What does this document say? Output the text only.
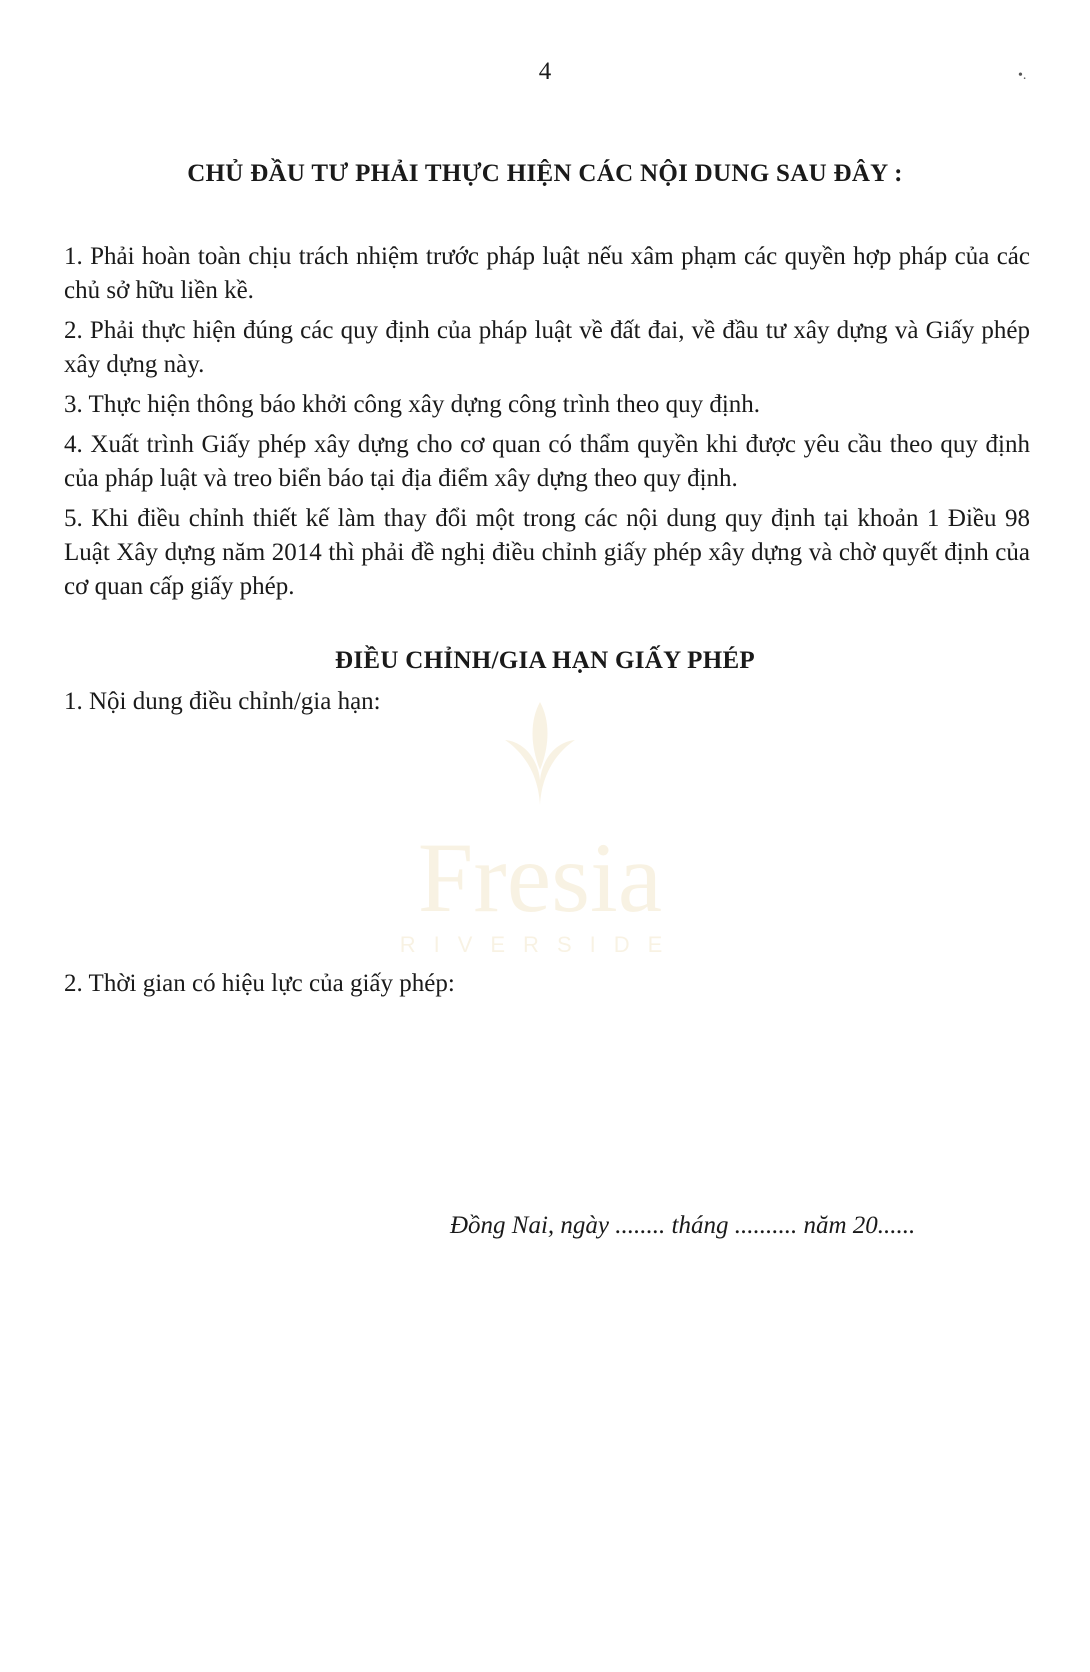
4	•.
CHỦ ĐẦU TƯ PHẢI THỰC HIỆN CÁC NỘI DUNG SAU ĐÂY :

1. Phải hoàn toàn chịu trách nhiệm trước pháp luật nếu xâm phạm các quyền hợp pháp của các chủ sở hữu liền kề.

2. Phải thực hiện đúng các quy định của pháp luật về đất đai, về đầu tư xây dựng và Giấy phép xây dựng này.

3. Thực hiện thông báo khởi công xây dựng công trình theo quy định.

4. Xuất trình Giấy phép xây dựng cho cơ quan có thẩm quyền khi được yêu cầu theo quy định của pháp luật và treo biển báo tại địa điểm xây dựng theo quy định.

5. Khi điều chỉnh thiết kế làm thay đổi một trong các nội dung quy định tại khoản 1 Điều 98 Luật Xây dựng năm 2014 thì phải đề nghị điều chỉnh giấy phép xây dựng và chờ quyết định của cơ quan cấp giấy phép.

Fresia
RIVERSIDE
ĐIỀU CHỈNH/GIA HẠN GIẤY PHÉP
1. Nội dung điều chỉnh/gia hạn:
2. Thời gian có hiệu lực của giấy phép:
Đồng Nai, ngày ........ tháng .......... năm 20......
